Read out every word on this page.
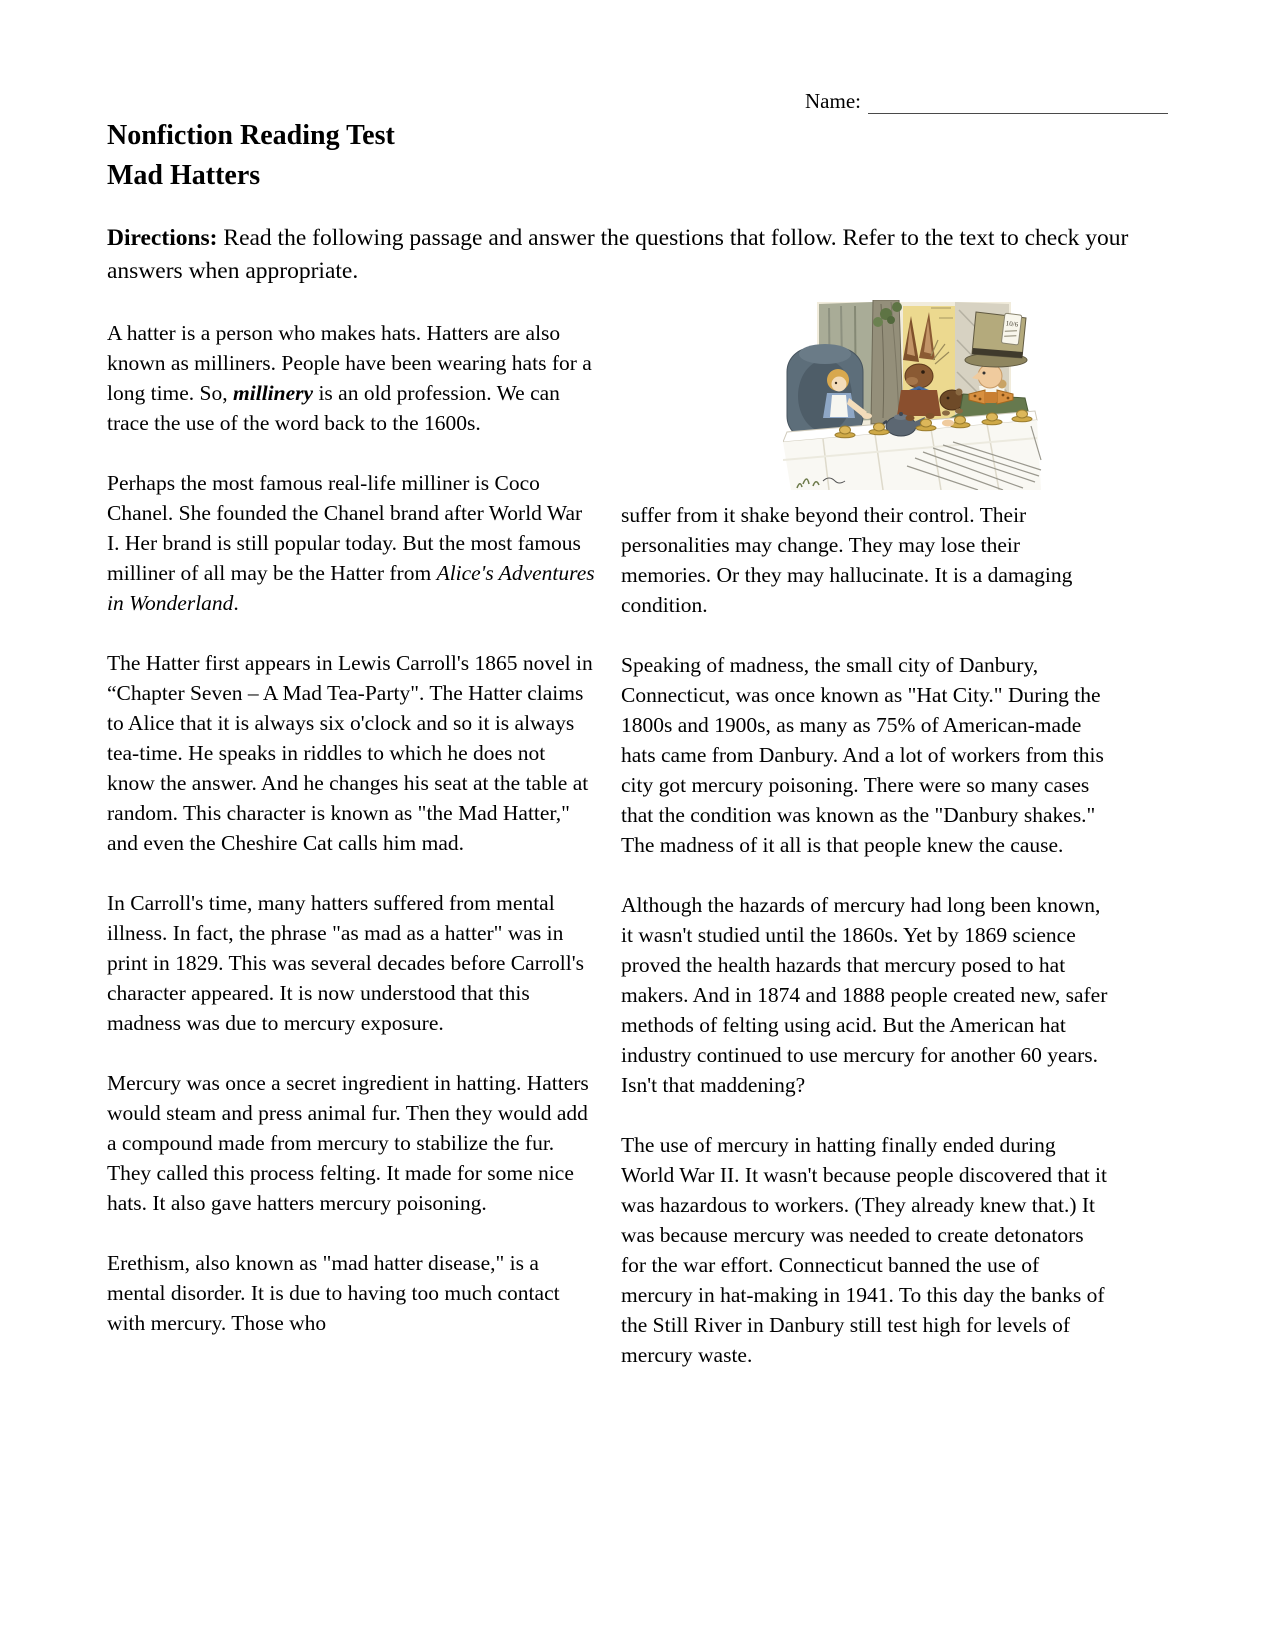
Name:
Nonfiction Reading Test
Mad Hatters
Directions: Read the following passage and answer the questions that follow. Refer to the text to check your answers when appropriate.

A hatter is a person who makes hats. Hatters are also known as milliners. People have been wearing hats for a long time. So, millinery is an old profession. We can trace the use of the word back to the 1600s.

Perhaps the most famous real-life milliner is Coco Chanel. She founded the Chanel brand after World War I. Her brand is still popular today. But the most famous milliner of all may be the Hatter from Alice's Adventures in Wonderland.

The Hatter first appears in Lewis Carroll's 1865 novel in “Chapter Seven – A Mad Tea-Party". The Hatter claims to Alice that it is always six o'clock and so it is always tea-time. He speaks in riddles to which he does not know the answer. And he changes his seat at the table at random. This character is known as "the Mad Hatter," and even the Cheshire Cat calls him mad.

In Carroll's time, many hatters suffered from mental illness. In fact, the phrase "as mad as a hatter" was in print in 1829. This was several decades before Carroll's character appeared. It is now understood that this madness was due to mercury exposure.

Mercury was once a secret ingredient in hatting. Hatters would steam and press animal fur. Then they would add a compound made from mercury to stabilize the fur. They called this process felting. It made for some nice hats. It also gave hatters mercury poisoning.

Erethism, also known as "mad hatter disease," is a mental disorder. It is due to having too much contact with mercury. Those who

10/6

suffer from it shake beyond their control. Their personalities may change. They may lose their memories. Or they may hallucinate. It is a damaging condition.

Speaking of madness, the small city of Danbury, Connecticut, was once known as "Hat City." During the 1800s and 1900s, as many as 75% of American-made hats came from Danbury. And a lot of workers from this city got mercury poisoning. There were so many cases that the condition was known as the "Danbury shakes." The madness of it all is that people knew the cause.

Although the hazards of mercury had long been known, it wasn't studied until the 1860s. Yet by 1869 science proved the health hazards that mercury posed to hat makers. And in 1874 and 1888 people created new, safer methods of felting using acid. But the American hat industry continued to use mercury for another 60 years. Isn't that maddening?

The use of mercury in hatting finally ended during World War II. It wasn't because people discovered that it was hazardous to workers. (They already knew that.) It was because mercury was needed to create detonators for the war effort. Connecticut banned the use of mercury in hat-making in 1941. To this day the banks of the Still River in Danbury still test high for levels of mercury waste.
